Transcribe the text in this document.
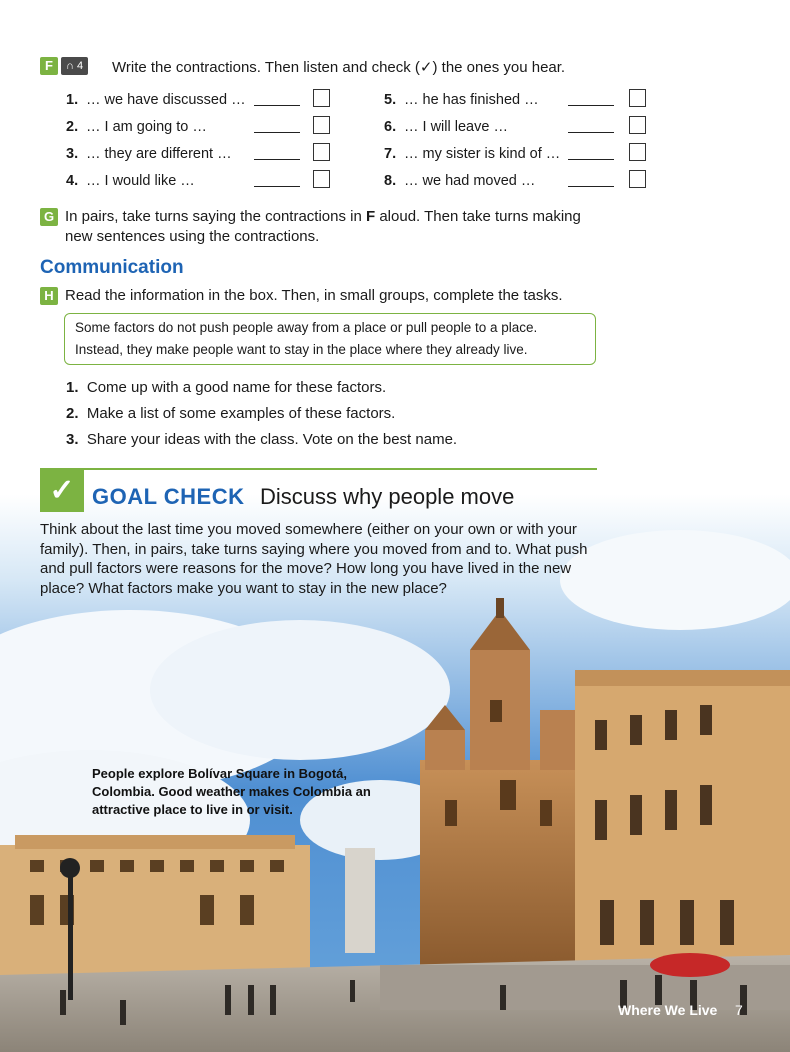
F	∩ 4	Write the contractions. Then listen and check (✓) the ones you hear.
1. … we have discussed …
2. … I am going to …
3. … they are different …
4. … I would like …
5. … he has finished …
6. … I will leave …
7. … my sister is kind of …
8. … we had moved …
G In pairs, take turns saying the contractions in F aloud. Then take turns making
new sentences using the contractions.
Communication
H Read the information in the box. Then, in small groups, complete the tasks.
Some factors do not push people away from a place or pull people to a place.
Instead, they make people want to stay in the place where they already live.
1. Come up with a good name for these factors.
2. Make a list of some examples of these factors.
3. Share your ideas with the class. Vote on the best name.
✓ GOAL CHECK Discuss why people move
Think about the last time you moved somewhere (either on your own or with your
family). Then, in pairs, take turns saying where you moved from and to. What push
and pull factors were reasons for the move? How long you have lived in the new
place? What factors make you want to stay in the new place?
People explore Bolívar Square in Bogotá,
Colombia. Good weather makes Colombia an
attractive place to live in or visit.
Where We Live 7
